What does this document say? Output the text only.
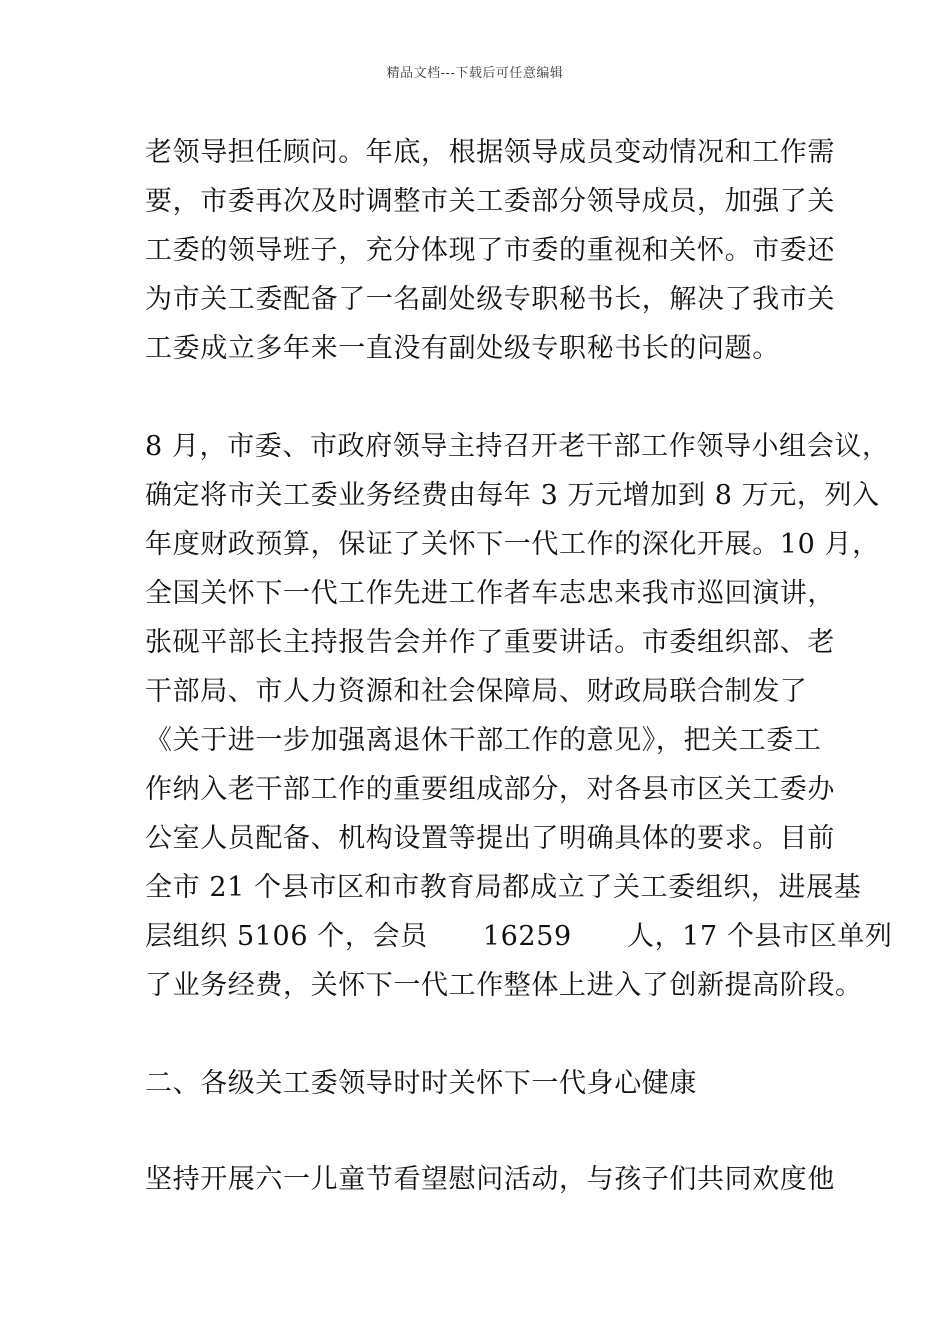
精品文档---下载后可任意编辑

老领导担任顾问。年底，根据领导成员变动情况和工作需
要，市委再次及时调整市关工委部分领导成员，加强了关
工委的领导班子，充分体现了市委的重视和关怀。市委还
为市关工委配备了一名副处级专职秘书长，解决了我市关
工委成立多年来一直没有副处级专职秘书长的问题。

8 月，市委、市政府领导主持召开老干部工作领导小组会议，
确定将市关工委业务经费由每年 3 万元增加到 8 万元，列入
年度财政预算，保证了关怀下一代工作的深化开展。10 月，
全国关怀下一代工作先进工作者车志忠来我市巡回演讲，
张砚平部长主持报告会并作了重要讲话。市委组织部、老
干部局、市人力资源和社会保障局、财政局联合制发了
《关于进一步加强离退休干部工作的意见》，把关工委工
作纳入老干部工作的重要组成部分，对各县市区关工委办
公室人员配备、机构设置等提出了明确具体的要求。目前
全市 21 个县市区和市教育局都成立了关工委组织，进展基
层组织 5106 个，会员　　16259　　人，17 个县市区单列
了业务经费，关怀下一代工作整体上进入了创新提高阶段。

二、各级关工委领导时时关怀下一代身心健康

坚持开展六一儿童节看望慰问活动，与孩子们共同欢度他
